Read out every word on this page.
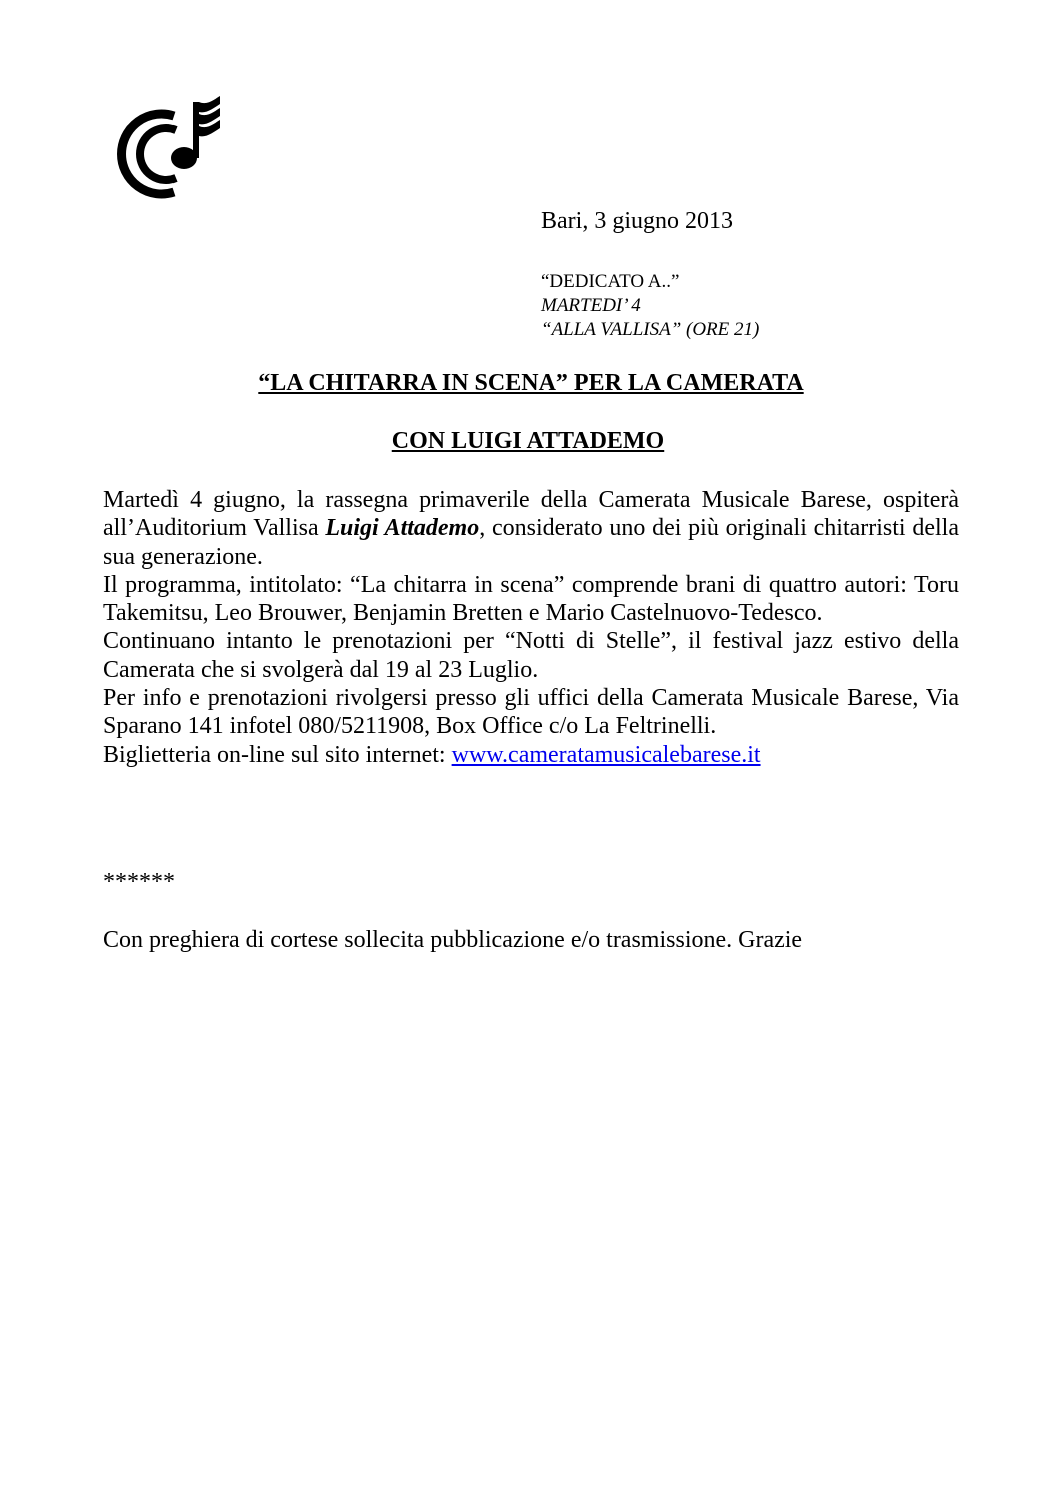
Bari, 3 giugno 2013
“DEDICATO A..”
MARTEDI’ 4
“ALLA VALLISA” (ORE 21)
“LA CHITARRA IN SCENA” PER LA CAMERATA
CON LUIGI ATTADEMO

Martedì 4 giugno, la rassegna primaverile della Camerata Musicale Barese, ospiterà all’Auditorium Vallisa Luigi Attademo, considerato uno dei più originali chitarristi della sua generazione.

Il programma, intitolato: “La chitarra in scena” comprende brani di quattro autori: Toru Takemitsu, Leo Brouwer, Benjamin Bretten e Mario Castelnuovo-Tedesco.

Continuano intanto le prenotazioni per “Notti di Stelle”, il festival jazz estivo della Camerata che si svolgerà dal 19 al 23 Luglio.

Per info e prenotazioni rivolgersi presso gli uffici della Camerata Musicale Barese, Via Sparano 141 infotel 080/5211908, Box Office c/o La Feltrinelli.

Biglietteria on-line sul sito internet: www.cameratamusicalebarese.it

******
Con preghiera di cortese sollecita pubblicazione e/o trasmissione. Grazie
